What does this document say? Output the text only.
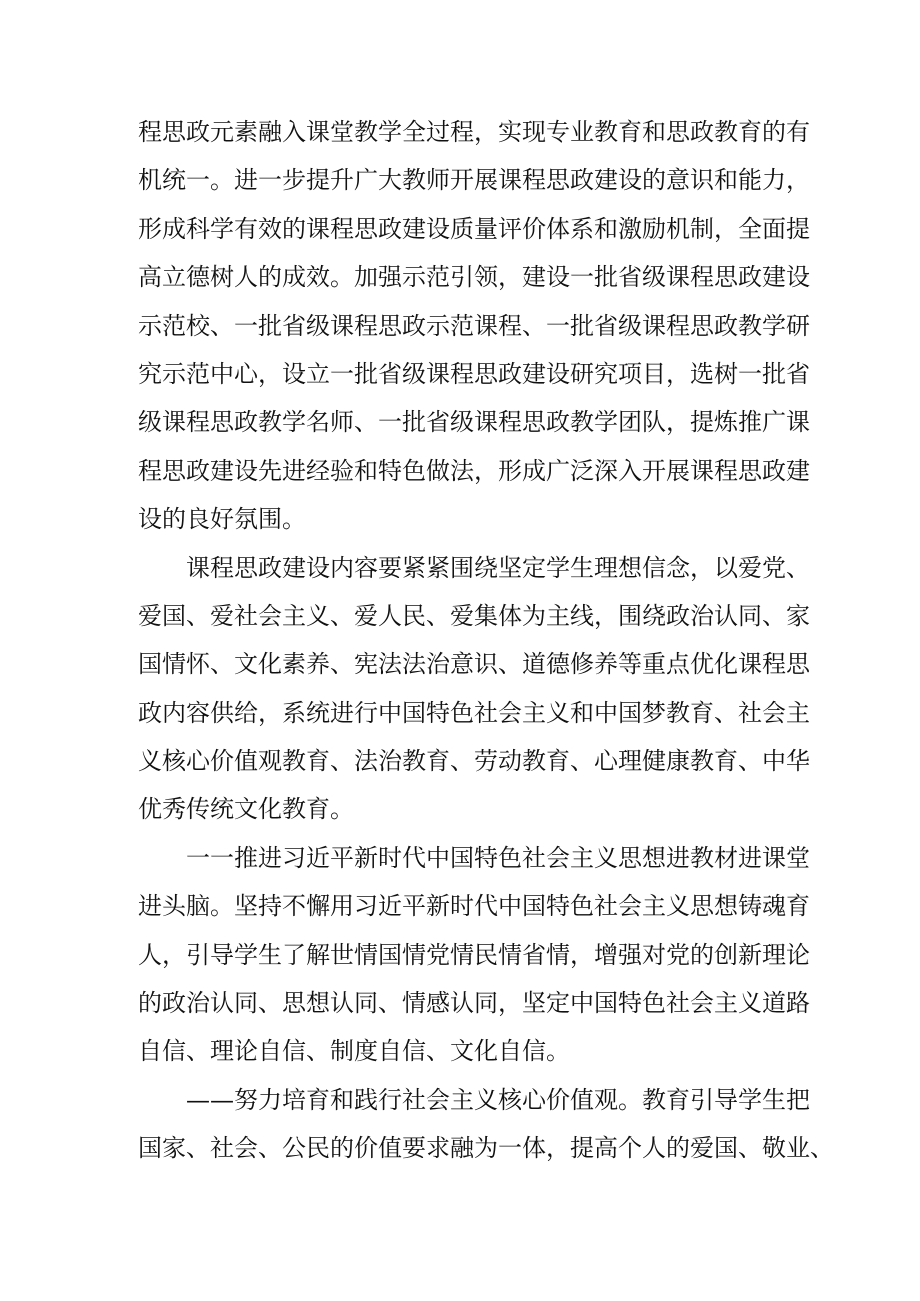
程思政元素融入课堂教学全过程，实现专业教育和思政教育的有
机统一。进一步提升广大教师开展课程思政建设的意识和能力，
形成科学有效的课程思政建设质量评价体系和激励机制，全面提
高立德树人的成效。加强示范引领，建设一批省级课程思政建设
示范校、一批省级课程思政示范课程、一批省级课程思政教学研
究示范中心，设立一批省级课程思政建设研究项目，选树一批省
级课程思政教学名师、一批省级课程思政教学团队，提炼推广课
程思政建设先进经验和特色做法，形成广泛深入开展课程思政建
设的良好氛围。
课程思政建设内容要紧紧围绕坚定学生理想信念，以爱党、
爱国、爱社会主义、爱人民、爱集体为主线，围绕政治认同、家
国情怀、文化素养、宪法法治意识、道德修养等重点优化课程思
政内容供给，系统进行中国特色社会主义和中国梦教育、社会主
义核心价值观教育、法治教育、劳动教育、心理健康教育、中华
优秀传统文化教育。
一一推进习近平新时代中国特色社会主义思想进教材进课堂
进头脑。坚持不懈用习近平新时代中国特色社会主义思想铸魂育
人，引导学生了解世情国情党情民情省情，增强对党的创新理论
的政治认同、思想认同、情感认同，坚定中国特色社会主义道路
自信、理论自信、制度自信、文化自信。
——努力培育和践行社会主义核心价值观。教育引导学生把
国家、社会、公民的价值要求融为一体，提高个人的爱国、敬业、
